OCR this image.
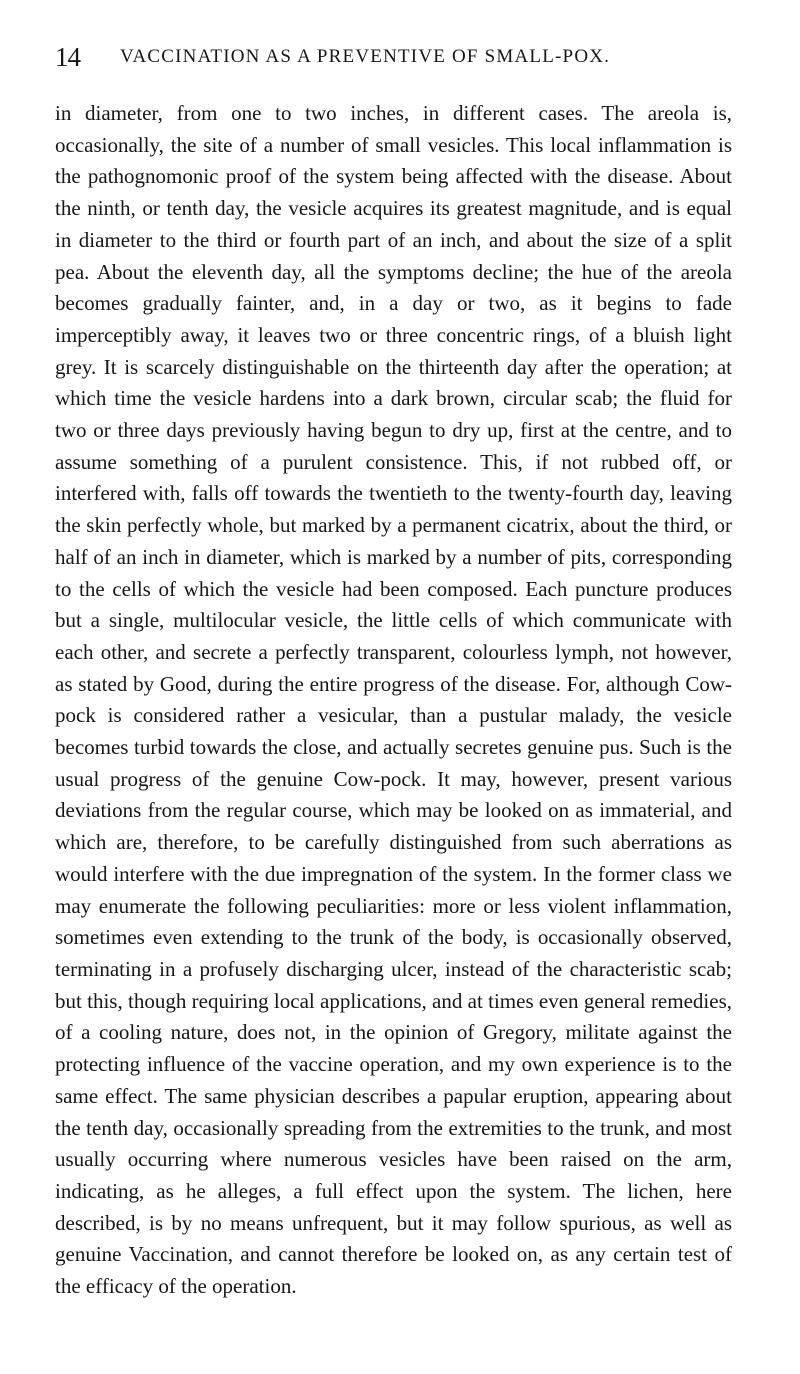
14 VACCINATION AS A PREVENTIVE OF SMALL-POX.

in diameter, from one to two inches, in different cases. The areola is, occasionally, the site of a number of small vesicles. This local inflammation is the pathognomonic proof of the system being affected with the disease. About the ninth, or tenth day, the vesicle acquires its greatest magnitude, and is equal in diameter to the third or fourth part of an inch, and about the size of a split pea. About the eleventh day, all the symptoms decline; the hue of the areola becomes gradually fainter, and, in a day or two, as it begins to fade imperceptibly away, it leaves two or three concentric rings, of a bluish light grey. It is scarcely distinguishable on the thirteenth day after the operation; at which time the vesicle hardens into a dark brown, circular scab; the fluid for two or three days previously having begun to dry up, first at the centre, and to assume something of a purulent consistence. This, if not rubbed off, or interfered with, falls off towards the twentieth to the twenty-fourth day, leaving the skin perfectly whole, but marked by a permanent cicatrix, about the third, or half of an inch in diameter, which is marked by a number of pits, corresponding to the cells of which the vesicle had been composed. Each puncture produces but a single, multilocular vesicle, the little cells of which communicate with each other, and secrete a perfectly transparent, colourless lymph, not however, as stated by Good, during the entire progress of the disease. For, although Cow-pock is considered rather a vesicular, than a pustular malady, the vesicle becomes turbid towards the close, and actually secretes genuine pus. Such is the usual progress of the genuine Cow-pock. It may, however, present various deviations from the regular course, which may be looked on as immaterial, and which are, therefore, to be carefully distinguished from such aberrations as would interfere with the due impregnation of the system. In the former class we may enumerate the following peculiarities: more or less violent inflammation, sometimes even extending to the trunk of the body, is occasionally observed, terminating in a profusely discharging ulcer, instead of the characteristic scab; but this, though requiring local applications, and at times even general remedies, of a cooling nature, does not, in the opinion of Gregory, militate against the protecting influence of the vaccine operation, and my own experience is to the same effect. The same physician describes a papular eruption, appearing about the tenth day, occasionally spreading from the extremities to the trunk, and most usually occurring where numerous vesicles have been raised on the arm, indicating, as he alleges, a full effect upon the system. The lichen, here described, is by no means unfrequent, but it may follow spurious, as well as genuine Vaccination, and cannot therefore be looked on, as any certain test of the efficacy of the operation.
